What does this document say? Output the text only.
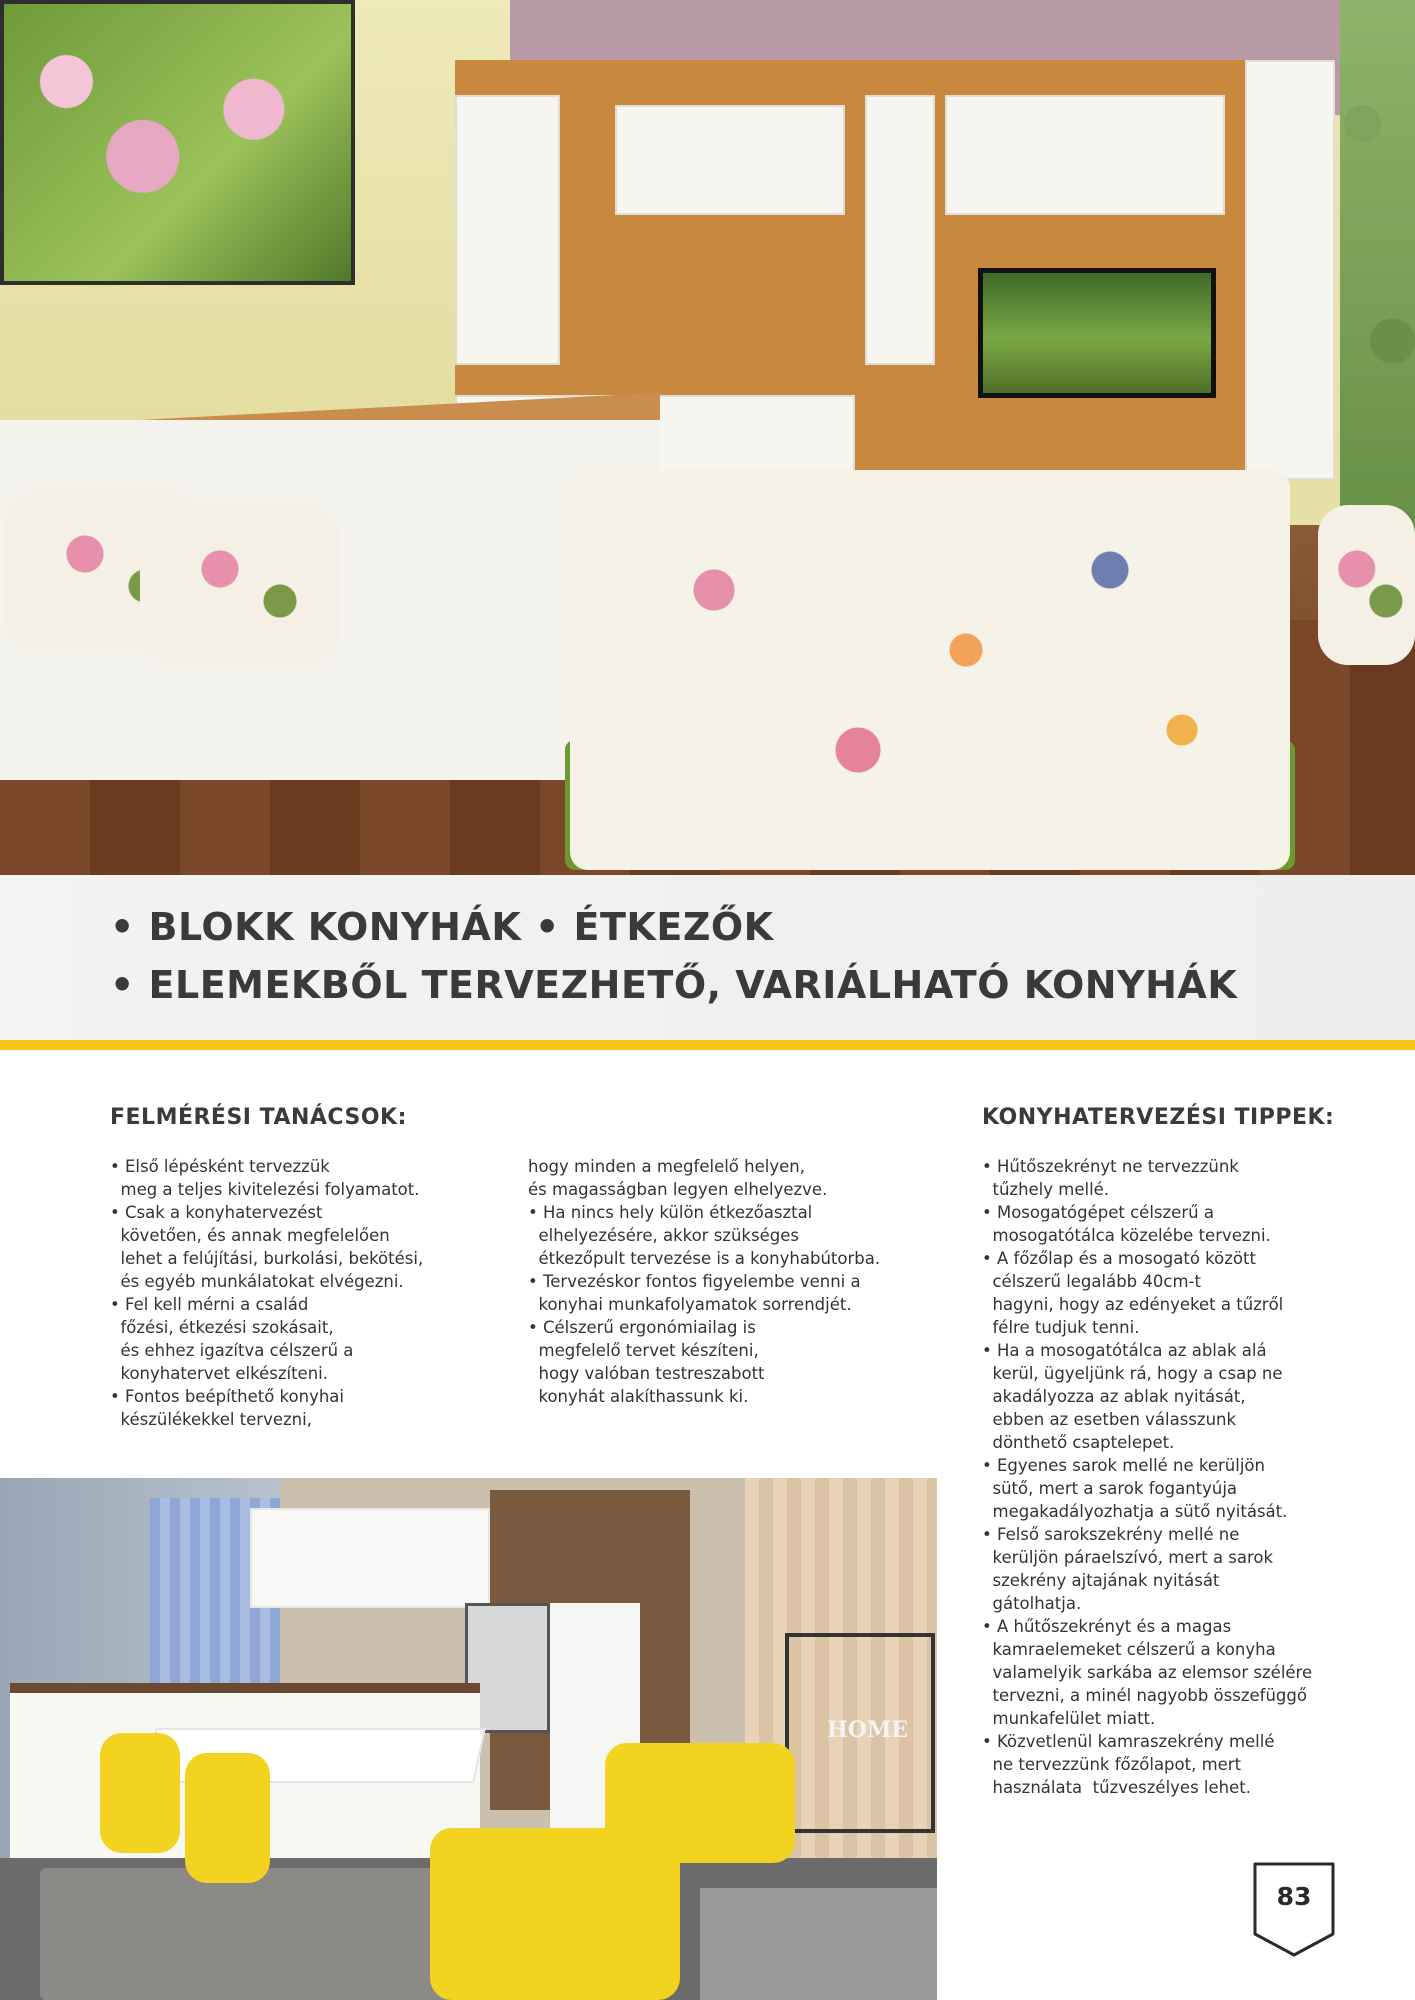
• BLOKK KONYHÁK • ÉTKEZŐK
• ELEMEKBŐL TERVEZHETŐ, VARIÁLHATÓ KONYHÁK
FELMÉRÉSI TANÁCSOK:
• Első lépésként tervezzük
meg a teljes kivitelezési folyamatot.
• Csak a konyhatervezést
követően, és annak megfelelően
lehet a felújítási, burkolási, bekötési,
és egyéb munkálatokat elvégezni.
• Fel kell mérni a család
főzési, étkezési szokásait,
és ehhez igazítva célszerű a
konyhatervet elkészíteni.
• Fontos beépíthető konyhai
készülékekkel tervezni,
hogy minden a megfelelő helyen,
és magasságban legyen elhelyezve.
• Ha nincs hely külön étkezőasztal
elhelyezésére, akkor szükséges
étkezőpult tervezése is a konyhabútorba.
• Tervezéskor fontos figyelembe venni a
konyhai munkafolyamatok sorrendjét.
• Célszerű ergonómiailag is
megfelelő tervet készíteni,
hogy valóban testreszabott
konyhát alakíthassunk ki.
KONYHATERVEZÉSI TIPPEK:
• Hűtőszekrényt ne tervezzünk
tűzhely mellé.
• Mosogatógépet célszerű a
mosogatótálca közelébe tervezni.
• A főzőlap és a mosogató között
célszerű legalább 40cm-t
hagyni, hogy az edényeket a tűzről
félre tudjuk tenni.
• Ha a mosogatótálca az ablak alá
kerül, ügyeljünk rá, hogy a csap ne
akadályozza az ablak nyitását,
ebben az esetben válasszunk
dönthető csaptelepet.
• Egyenes sarok mellé ne kerüljön
sütő, mert a sarok fogantyúja
megakadályozhatja a sütő nyitását.
• Felső sarokszekrény mellé ne
kerüljön páraelszívó, mert a sarok
szekrény ajtajának nyitását
gátolhatja.
• A hűtőszekrényt és a magas
kamraelemeket célszerű a konyha
valamelyik sarkába az elemsor szélére
tervezni, a minél nagyobb összefüggő
munkafelület miatt.
• Közvetlenül kamraszekrény mellé
ne tervezzünk főzőlapot, mert
használata  tűzveszélyes lehet.
HOME
83
